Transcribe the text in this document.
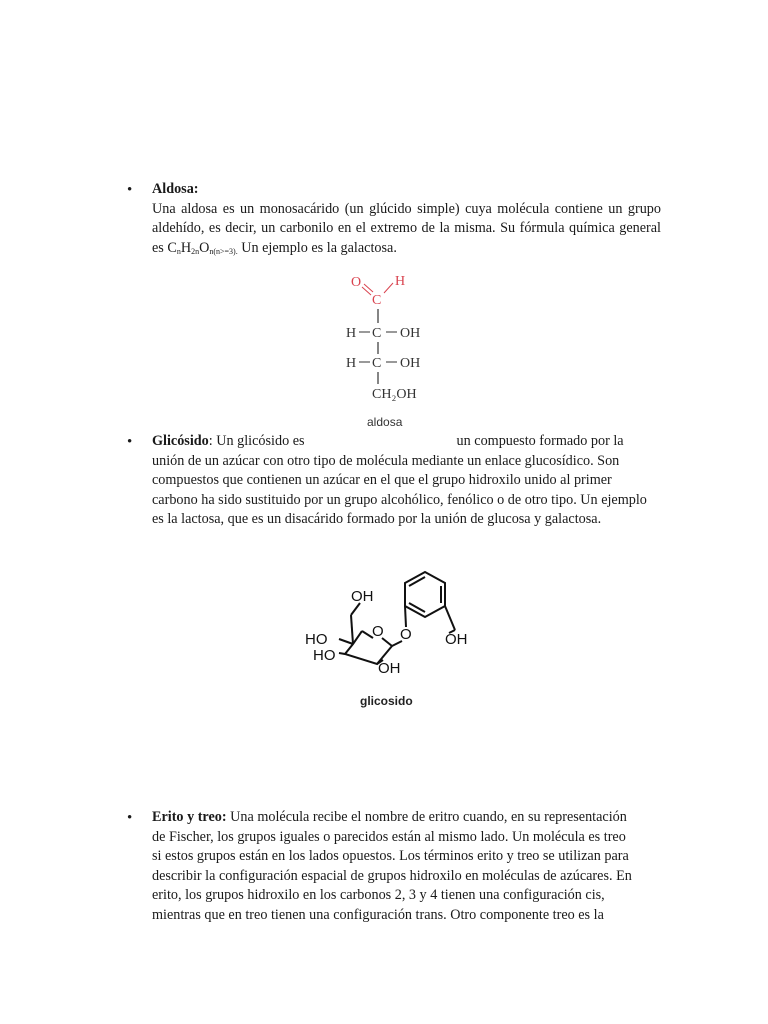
• Aldosa:
Una aldosa es un monosacárido (un glúcido simple) cuya molécula contiene un grupo aldehído, es decir, un carbonilo en el extremo de la misma. Su fórmula química general es $C_nH_{2n}O_{n(n>=3).}$ Un ejemplo es la galactosa.
O H
C
H C OH
H C OH
CH₂OH
aldosa
• Glicósido: Un glicósido es	un compuesto formado por la unión de un azúcar con otro tipo de molécula mediante un enlace glucosídico. Son compuestos que contienen un azúcar en el que el grupo hidroxilo unido al primer carbono ha sido sustituido por un grupo alcohólico, fenólico o de otro tipo. Un ejemplo es la lactosa, que es un disacárido formado por la unión de glucosa y galactosa.
OH
O O
HO
HO
OH
OH
glicosido
• Erito y treo: Una molécula recibe el nombre de eritro cuando, en su representación de Fischer, los grupos iguales o parecidos están al mismo lado. Un molécula es treo si estos grupos están en los lados opuestos. Los términos erito y treo se utilizan para describir la configuración espacial de grupos hidroxilo en moléculas de azúcares. En erito, los grupos hidroxilo en los carbonos 2, 3 y 4 tienen una configuración cis, mientras que en treo tienen una configuración trans. Otro componente treo es la
